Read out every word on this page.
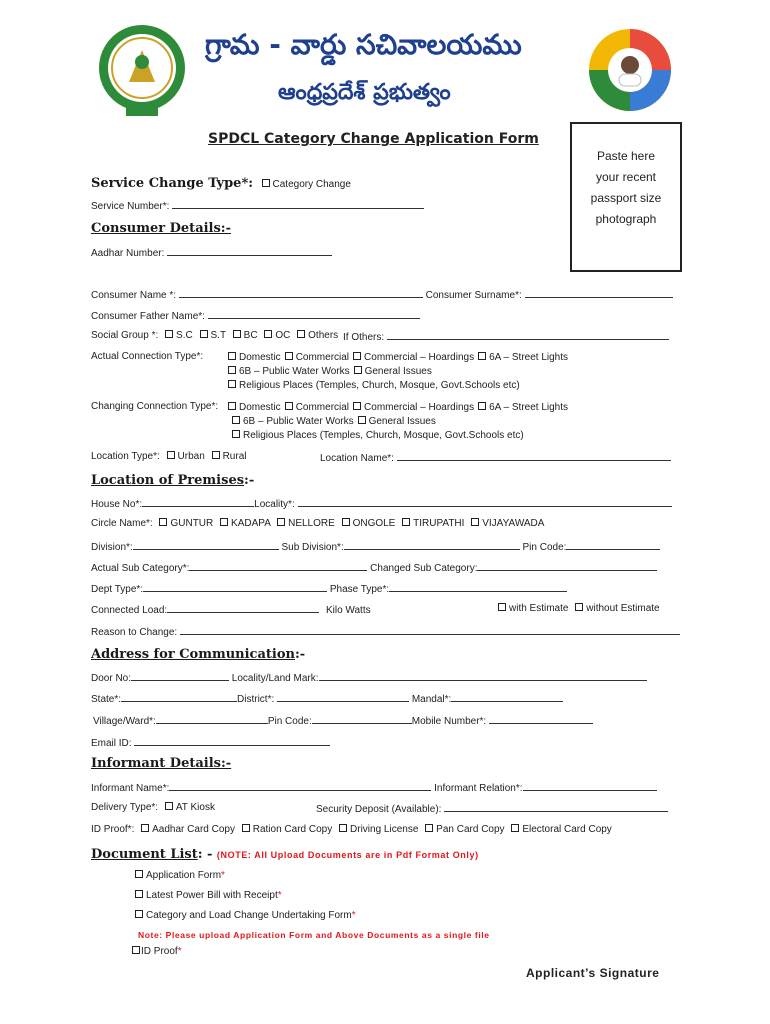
గ్రామ - వార్డు సచివాలయము
ఆంధ్రప్రదేశ్ ప్రభుత్వం
SPDCL Category Change Application Form
Paste here
your recent
passport size
photograph
Service Change Type*: Category Change
Service Number*:
Consumer Details:-
Aadhar Number:
Consumer Name *:	Consumer Surname*:
Consumer Father Name*:
Social Group *: S.C S.T BC OC Others If Others:
Actual Connection Type*:	Domestic Commercial Commercial – Hoardings 6A – Street Lights
6B – Public Water Works General Issues
Religious Places (Temples, Church, Mosque, Govt.Schools etc)
Changing Connection Type*:	Domestic Commercial Commercial – Hoardings 6A – Street Lights
6B – Public Water Works General Issues
Religious Places (Temples, Church, Mosque, Govt.Schools etc)
Location Type*: Urban Rural	Location Name*:
Location of Premises:-
House No*:	Locality*:
Circle Name*: GUNTUR KADAPA NELLORE ONGOLE TIRUPATHI VIJAYAWADA
Division*:	Sub Division*:	Pin Code:
Actual Sub Category*:	Changed Sub Category:
Dept Type*:	Phase Type*:
Connected Load:	Kilo Watts	with Estimate without Estimate
Reason to Change:
Address for Communication:-
Door No:	Locality/Land Mark:
State*:	District*:	Mandal*:
Village/Ward*:	Pin Code:	Mobile Number*:
Email ID:
Informant Details:-
Informant Name*:	Informant Relation*:
Delivery Type*: AT Kiosk	Security Deposit (Available):
ID Proof*: Aadhar Card Copy Ration Card Copy Driving License Pan Card Copy Electoral Card Copy
Document List: - (NOTE: All Upload Documents are in Pdf Format Only)
Application Form*
Latest Power Bill with Receipt*
Category and Load Change Undertaking Form*
Note: Please upload Application Form and Above Documents as a single file
ID Proof*
Applicant’s Signature
